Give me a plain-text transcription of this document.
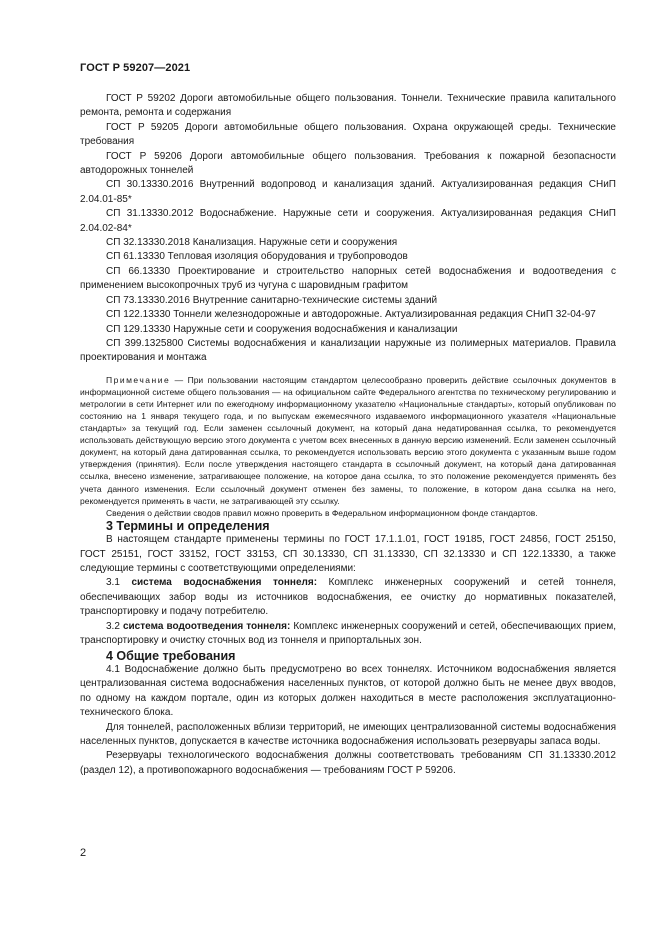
ГОСТ Р 59207—2021

ГОСТ Р 59202 Дороги автомобильные общего пользования. Тоннели. Технические правила капитального ремонта, ремонта и содержания

ГОСТ Р 59205 Дороги автомобильные общего пользования. Охрана окружающей среды. Технические требования

ГОСТ Р 59206 Дороги автомобильные общего пользования. Требования к пожарной безопасности автодорожных тоннелей

СП 30.13330.2016 Внутренний водопровод и канализация зданий. Актуализированная редакция СНиП 2.04.01-85*

СП 31.13330.2012 Водоснабжение. Наружные сети и сооружения. Актуализированная редакция СНиП 2.04.02-84*

СП 32.13330.2018 Канализация. Наружные сети и сооружения

СП 61.13330 Тепловая изоляция оборудования и трубопроводов

СП 66.13330 Проектирование и строительство напорных сетей водоснабжения и водоотведения с применением высокопрочных труб из чугуна с шаровидным графитом

СП 73.13330.2016 Внутренние санитарно-технические системы зданий

СП 122.13330 Тоннели железнодорожные и автодорожные. Актуализированная редакция СНиП 32-04-97

СП 129.13330 Наружные сети и сооружения водоснабжения и канализации

СП 399.1325800 Системы водоснабжения и канализации наружные из полимерных материалов. Правила проектирования и монтажа

Примечание — При пользовании настоящим стандартом целесообразно проверить действие ссылочных документов в информационной системе общего пользования — на официальном сайте Федерального агентства по техническому регулированию и метрологии в сети Интернет или по ежегодному информационному указателю «Национальные стандарты», который опубликован по состоянию на 1 января текущего года, и по выпускам ежемесячного издаваемого информационного указателя «Национальные стандарты» за текущий год. Если заменен ссылочный документ, на который дана недатированная ссылка, то рекомендуется использовать действующую версию этого документа с учетом всех внесенных в данную версию изменений. Если заменен ссылочный документ, на который дана датированная ссылка, то рекомендуется использовать версию этого документа с указанным выше годом утверждения (принятия). Если после утверждения настоящего стандарта в ссылочный документ, на который дана датированная ссылка, внесено изменение, затрагивающее положение, на которое дана ссылка, то это положение рекомендуется применять без учета данного изменения. Если ссылочный документ отменен без замены, то положение, в котором дана ссылка на него, рекомендуется применять в части, не затрагивающей эту ссылку.

Сведения о действии сводов правил можно проверить в Федеральном информационном фонде стандартов.

3 Термины и определения

В настоящем стандарте применены термины по ГОСТ 17.1.1.01, ГОСТ 19185, ГОСТ 24856, ГОСТ 25150, ГОСТ 25151, ГОСТ 33152, ГОСТ 33153, СП 30.13330, СП 31.13330, СП 32.13330 и СП 122.13330, а также следующие термины с соответствующими определениями:

3.1 система водоснабжения тоннеля: Комплекс инженерных сооружений и сетей тоннеля, обеспечивающих забор воды из источников водоснабжения, ее очистку до нормативных показателей, транспортировку и подачу потребителю.

3.2 система водоотведения тоннеля: Комплекс инженерных сооружений и сетей, обеспечивающих прием, транспортировку и очистку сточных вод из тоннеля и припортальных зон.

4 Общие требования

4.1 Водоснабжение должно быть предусмотрено во всех тоннелях. Источником водоснабжения является централизованная система водоснабжения населенных пунктов, от которой должно быть не менее двух вводов, по одному на каждом портале, один из которых должен находиться в месте расположения эксплуатационно-технического блока.

Для тоннелей, расположенных вблизи территорий, не имеющих централизованной системы водоснабжения населенных пунктов, допускается в качестве источника водоснабжения использовать резервуары запаса воды.

Резервуары технологического водоснабжения должны соответствовать требованиям СП 31.13330.2012 (раздел 12), а противопожарного водоснабжения — требованиям ГОСТ Р 59206.

2
